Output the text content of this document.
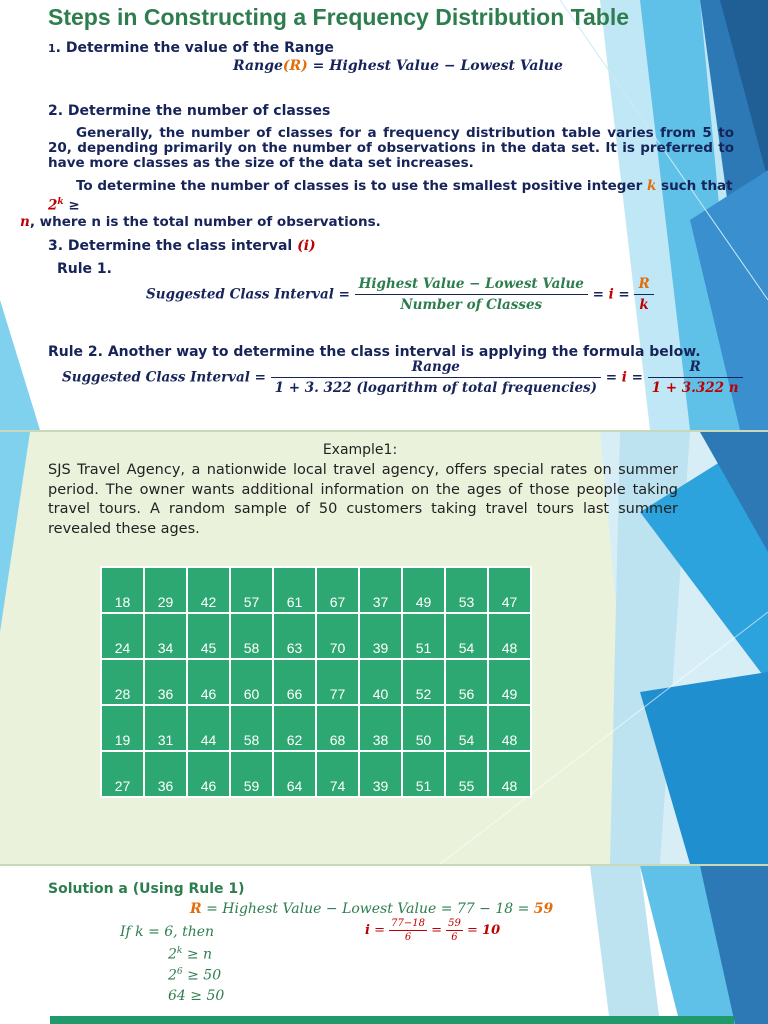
Steps in Constructing a Frequency Distribution Table
1. Determine the value of the Range
Range(R) = Highest Value − Lowest Value
2. Determine the number of classes
Generally, the number of classes for a frequency distribution table varies from 5 to 20, depending primarily on the number of observations in the data set. It is preferred to have more classes as the size of the data set increases.
To determine the number of classes is to use the smallest positive integer k such that $2^k$ ≥
n, where n is the total number of observations.
3. Determine the class interval (i)
Rule 1.
Suggested Class Interval = $\frac{\text{Highest Value − Lowest Value}}{\text{Number of Classes}} = i = \frac{R}{k}$
Rule 2. Another way to determine the class interval is applying the formula below.
Suggested Class Interval = $\frac{\text{Range}}{\text{1 + 3. 322 (logarithm of total frequencies)}} = i = \frac{R}{1 + 3.322 n}$
Example1:
SJS Travel Agency, a nationwide local travel agency, offers special rates on summer period. The owner wants additional information on the ages of those people taking travel tours. A random sample of 50 customers taking travel tours last summer revealed these ages.
18	29	42	57	61	67	37	49	53	47
24	34	45	58	63	70	39	51	54	48
28	36	46	60	66	77	40	52	56	49
19	31	44	58	62	68	38	50	54	48
27	36	46	59	64	74	39	51	55	48
Solution a (Using Rule 1)
R = Highest Value − Lowest Value = 77 − 18 = 59
If k = 6, then	$i = \frac{77-18}{6} = \frac{59}{6} = 10$
$2^k \ge n$
$2^6 \ge 50$
64 ≥ 50
